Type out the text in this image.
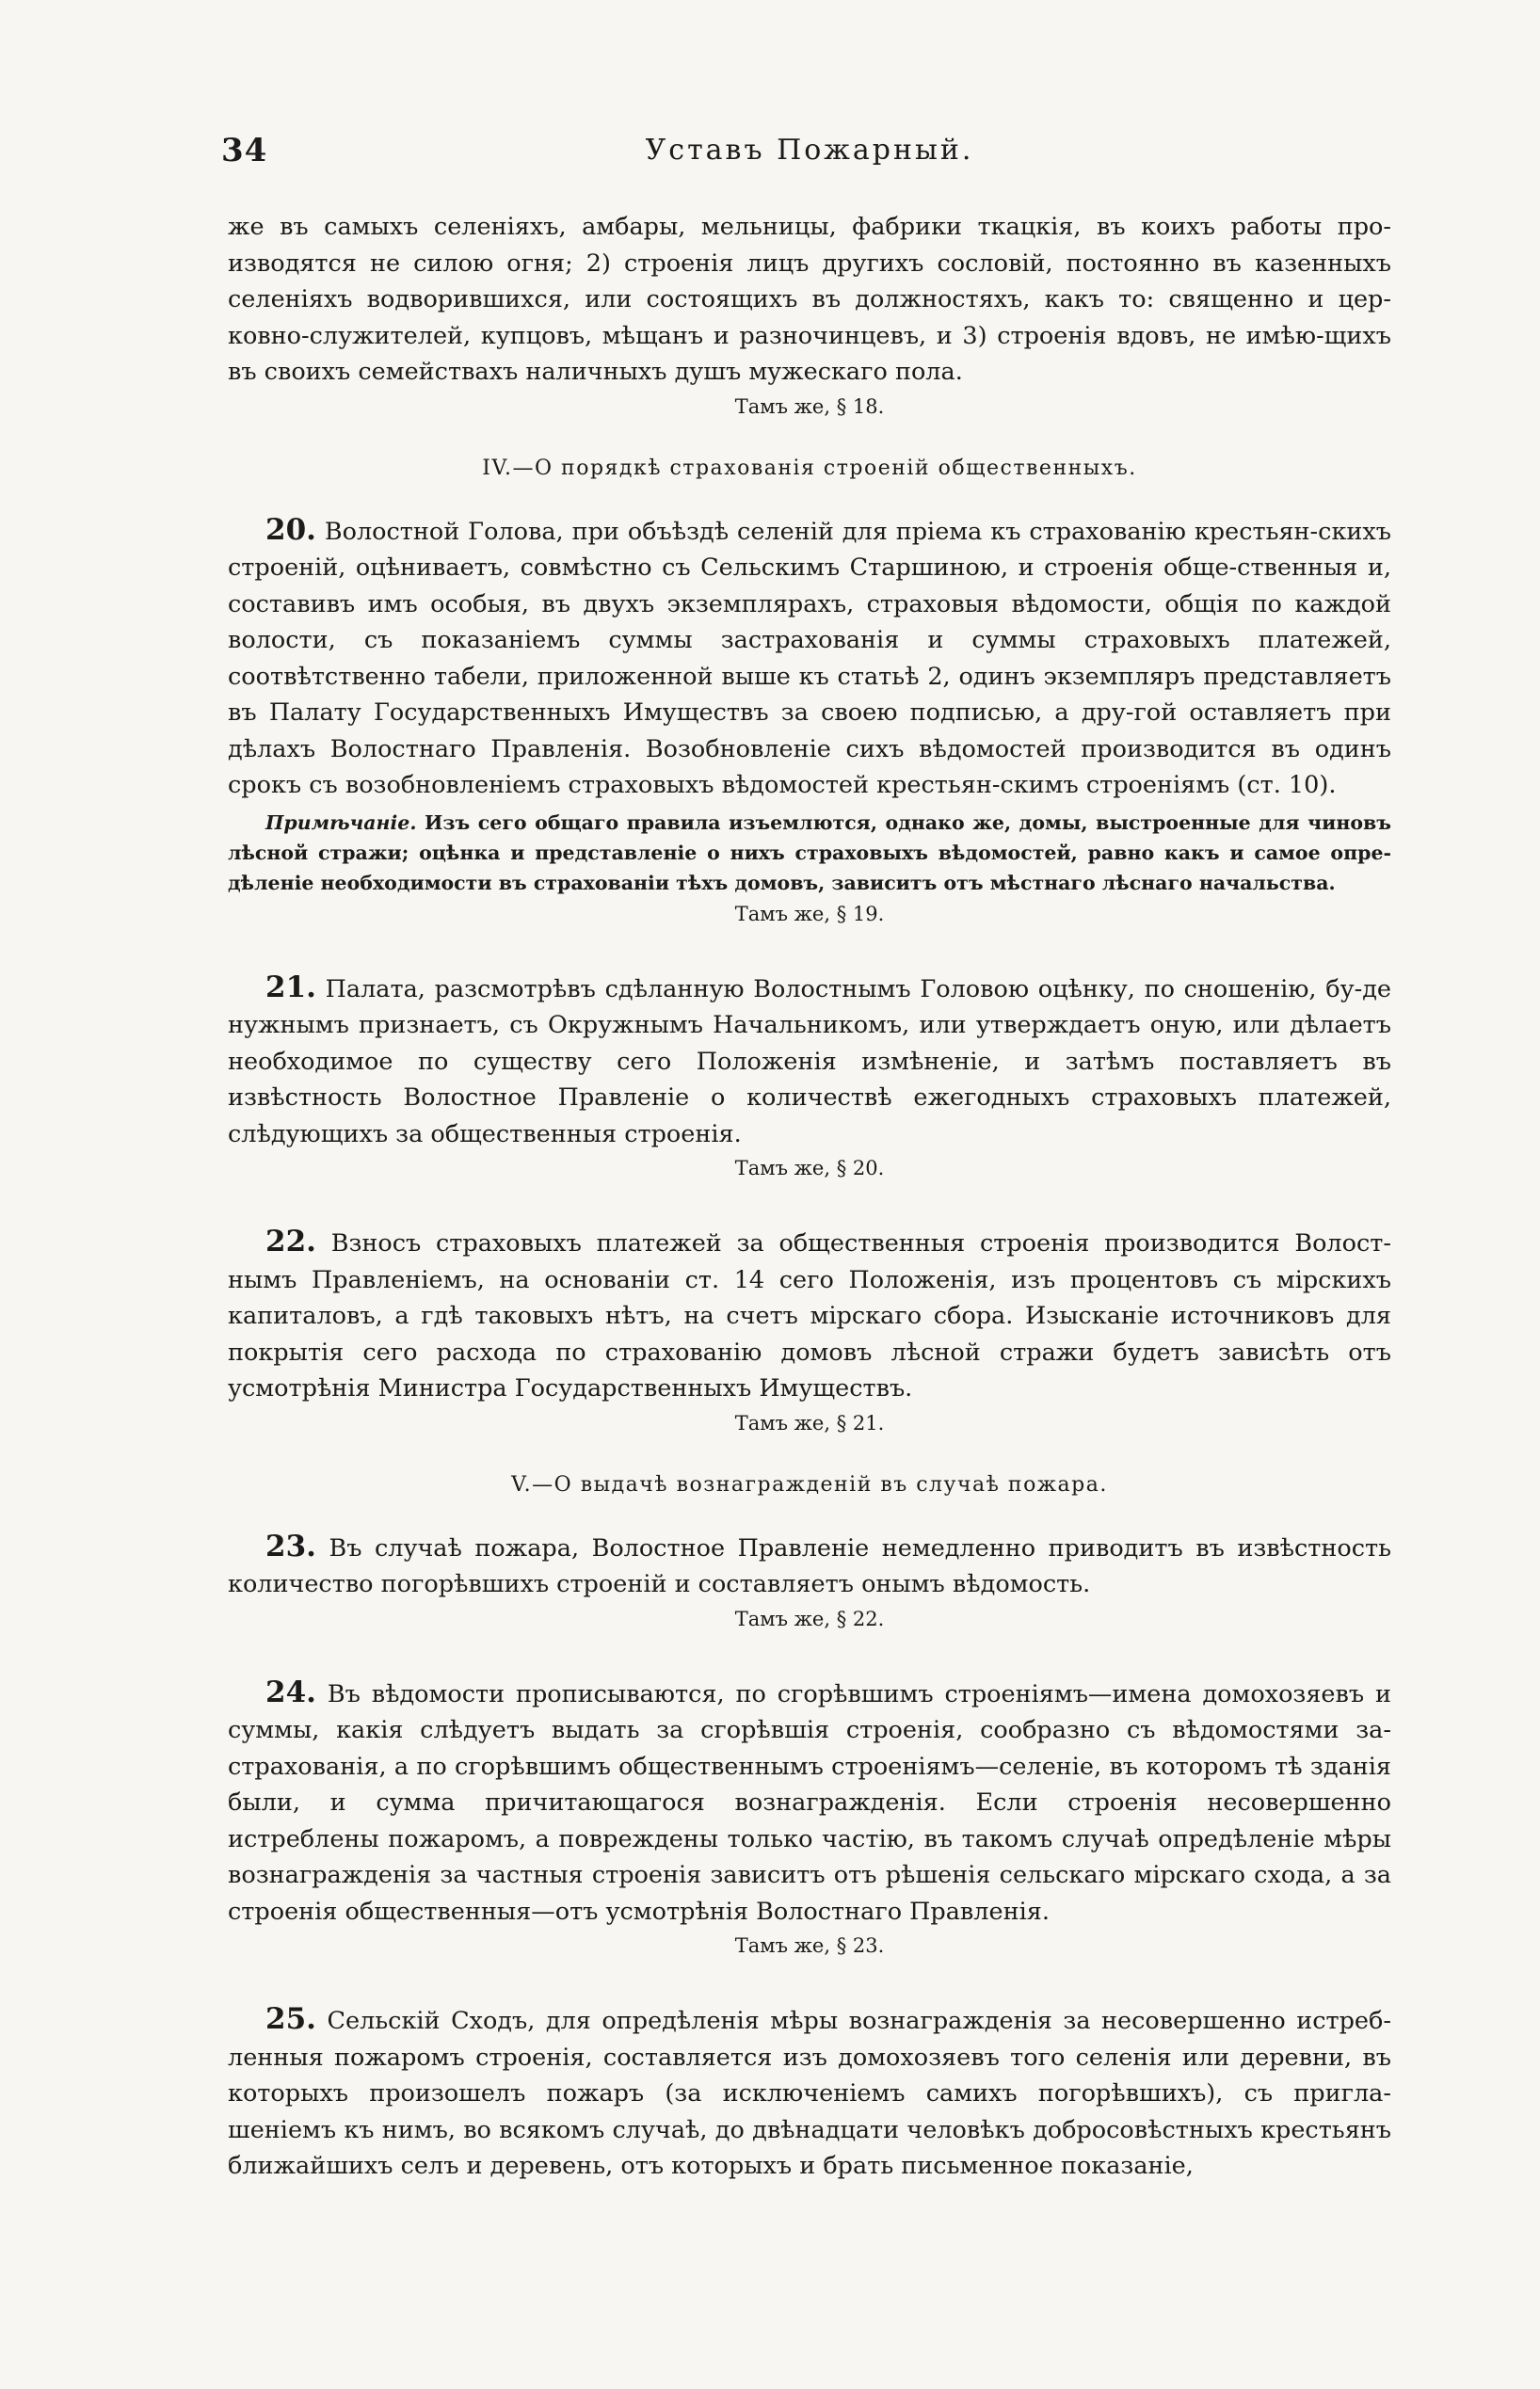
34	Уставъ Пожарный.

же въ самыхъ селеніяхъ, амбары, мельницы, фабрики ткацкія, въ коихъ работы про-изводятся не силою огня; 2) строенія лицъ другихъ сословій, постоянно въ казенныхъ селеніяхъ водворившихся, или состоящихъ въ должностяхъ, какъ то: священно и цер-ковно-служителей, купцовъ, мѣщанъ и разночинцевъ, и 3) строенія вдовъ, не имѣю-щихъ въ своихъ семействахъ наличныхъ душъ мужескаго пола.

Тамъ же, § 18.

IV.—О порядкѣ страхованія строеній общественныхъ.

20. Волостной Голова, при объѣздѣ селеній для пріема къ страхованію крестьян-скихъ строеній, оцѣниваетъ, совмѣстно съ Сельскимъ Старшиною, и строенія обще-ственныя и, составивъ имъ особыя, въ двухъ экземплярахъ, страховыя вѣдомости, общія по каждой волости, съ показаніемъ суммы застрахованія и суммы страховыхъ платежей, соотвѣтственно табели, приложенной выше къ статьѣ 2, одинъ экземпляръ представляетъ въ Палату Государственныхъ Имуществъ за своею подписью, а дру-гой оставляетъ при дѣлахъ Волостнаго Правленія. Возобновленіе сихъ вѣдомостей производится въ одинъ срокъ съ возобновленіемъ страховыхъ вѣдомостей крестьян-скимъ строеніямъ (ст. 10).

Примѣчаніе. Изъ сего общаго правила изъемлются, однако же, домы, выстроенные для чиновъ лѣсной стражи; оцѣнка и представленіе о нихъ страховыхъ вѣдомостей, равно какъ и самое опре-дѣленіе необходимости въ страхованіи тѣхъ домовъ, зависитъ отъ мѣстнаго лѣснаго начальства.

Тамъ же, § 19.

21. Палата, разсмотрѣвъ сдѣланную Волостнымъ Головою оцѣнку, по сношенію, бу-де нужнымъ признаетъ, съ Окружнымъ Начальникомъ, или утверждаетъ оную, или дѣлаетъ необходимое по существу сего Положенія измѣненіе, и затѣмъ поставляетъ въ извѣстность Волостное Правленіе о количествѣ ежегодныхъ страховыхъ платежей, слѣдующихъ за общественныя строенія.

Тамъ же, § 20.

22. Взносъ страховыхъ платежей за общественныя строенія производится Волост-нымъ Правленіемъ, на основаніи ст. 14 сего Положенія, изъ процентовъ съ мірскихъ капиталовъ, а гдѣ таковыхъ нѣтъ, на счетъ мірскаго сбора. Изысканіе источниковъ для покрытія сего расхода по страхованію домовъ лѣсной стражи будетъ зависѣть отъ усмотрѣнія Министра Государственныхъ Имуществъ.

Тамъ же, § 21.

V.—О выдачѣ вознагражденій въ случаѣ пожара.

23. Въ случаѣ пожара, Волостное Правленіе немедленно приводитъ въ извѣстность количество погорѣвшихъ строеній и составляетъ онымъ вѣдомость.

Тамъ же, § 22.

24. Въ вѣдомости прописываются, по сгорѣвшимъ строеніямъ—имена домохозяевъ и суммы, какія слѣдуетъ выдать за сгорѣвшія строенія, сообразно съ вѣдомостями за-страхованія, а по сгорѣвшимъ общественнымъ строеніямъ—селеніе, въ которомъ тѣ зданія были, и сумма причитающагося вознагражденія. Если строенія несовершенно истреблены пожаромъ, а повреждены только частію, въ такомъ случаѣ опредѣленіе мѣры вознагражденія за частныя строенія зависитъ отъ рѣшенія сельскаго мірскаго схода, а за строенія общественныя—отъ усмотрѣнія Волостнаго Правленія.

Тамъ же, § 23.

25. Сельскій Сходъ, для опредѣленія мѣры вознагражденія за несовершенно истреб-ленныя пожаромъ строенія, составляется изъ домохозяевъ того селенія или деревни, въ которыхъ произошелъ пожаръ (за исключеніемъ самихъ погорѣвшихъ), съ пригла-шеніемъ къ нимъ, во всякомъ случаѣ, до двѣнадцати человѣкъ добросовѣстныхъ крестьянъ ближайшихъ селъ и деревень, отъ которыхъ и брать письменное показаніе,
